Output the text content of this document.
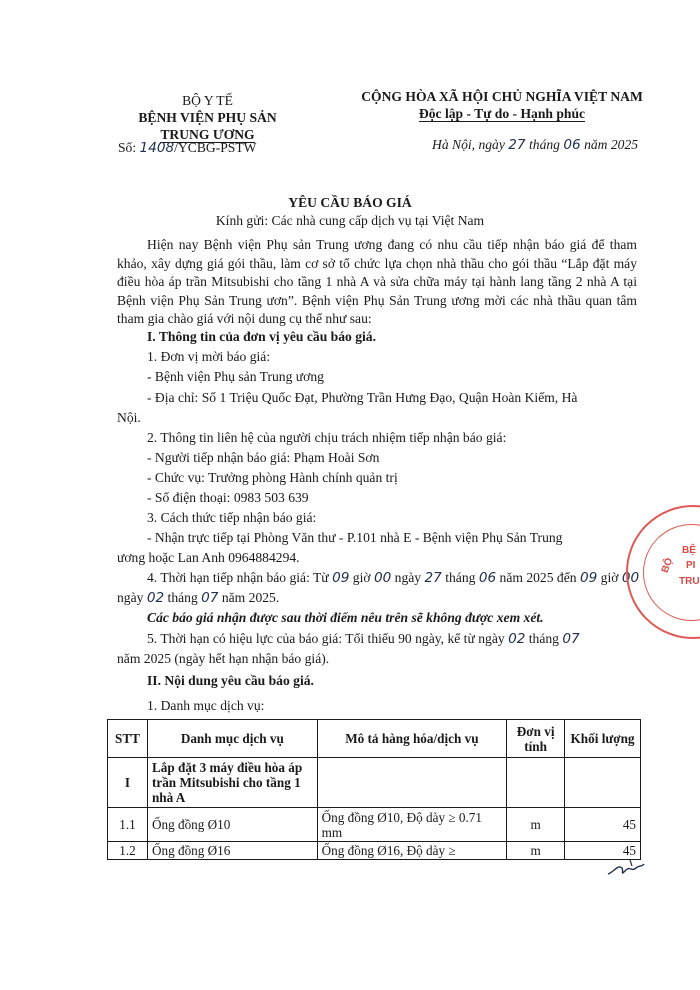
BỘ Y TẾ
BỆNH VIỆN PHỤ SẢN
TRUNG ƯƠNG
Số: 1408/YCBG-PSTW
CỘNG HÒA XÃ HỘI CHỦ NGHĨA VIỆT NAM
Độc lập - Tự do - Hạnh phúc
Hà Nội, ngày 27 tháng 06 năm 2025
YÊU CẦU BÁO GIÁ
Kính gửi: Các nhà cung cấp dịch vụ tại Việt Nam
Hiện nay Bệnh viện Phụ sản Trung ương đang có nhu cầu tiếp nhận báo giá để tham khảo, xây dựng giá gói thầu, làm cơ sở tổ chức lựa chọn nhà thầu cho gói thầu “Lắp đặt máy điều hòa áp trần Mitsubishi cho tầng 1 nhà A và sửa chữa máy tại hành lang tầng 2 nhà A tại Bệnh viện Phụ Sản Trung ươn”. Bệnh viện Phụ Sản Trung ương mời các nhà thầu quan tâm tham gia chào giá với nội dung cụ thể như sau:
I. Thông tin của đơn vị yêu cầu báo giá.
1. Đơn vị mời báo giá:
- Bệnh viện Phụ sản Trung ương
- Địa chỉ: Số 1 Triệu Quốc Đạt, Phường Trần Hưng Đạo, Quận Hoàn Kiếm, Hà
Nội.
2. Thông tin liên hệ của người chịu trách nhiệm tiếp nhận báo giá:
- Người tiếp nhận báo giá: Phạm Hoài Sơn
- Chức vụ: Trưởng phòng Hành chính quản trị
- Số điện thoại: 0983 503 639
3. Cách thức tiếp nhận báo giá:
- Nhận trực tiếp tại Phòng Văn thư - P.101 nhà E - Bệnh viện Phụ Sản Trung
ương hoặc Lan Anh 0964884294.
4. Thời hạn tiếp nhận báo giá: Từ 09 giờ 00 ngày 27 tháng 06 năm 2025 đến 09 giờ 00
ngày 02 tháng 07 năm 2025.
Các báo giá nhận được sau thời điểm nêu trên sẽ không được xem xét.
5. Thời hạn có hiệu lực của báo giá: Tối thiểu 90 ngày, kể từ ngày 02 tháng 07
năm 2025 (ngày hết hạn nhận báo giá).
II. Nội dung yêu cầu báo giá.
1. Danh mục dịch vụ:
STT	Danh mục dịch vụ	Mô tả hàng hóa/dịch vụ	Đơn vị tính	Khối lượng
I	Lắp đặt 3 máy điều hòa áp trần Mitsubishi cho tầng 1 nhà A			
1.1	Ống đồng Ø10	Ống đồng Ø10, Độ dày ≥ 0.71 mm	m	45
1.2	Ống đồng Ø16	Ống đồng Ø16, Độ dày ≥	m	45
BỆ
PI
TRU
BỘ
